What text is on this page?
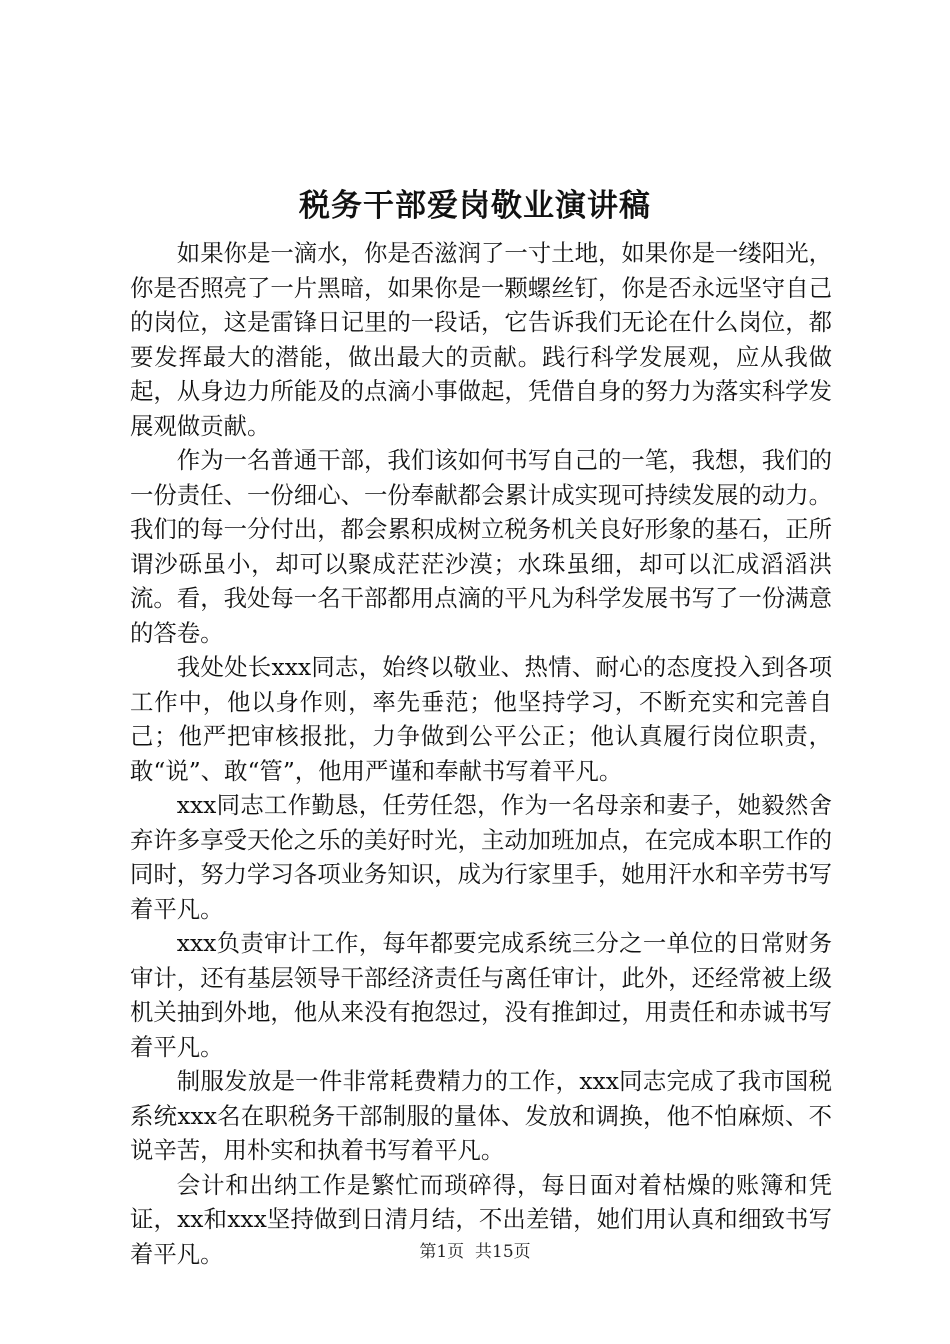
税务干部爱岗敬业演讲稿

如果你是一滴水，你是否滋润了一寸土地，如果你是一缕阳光，你是否照亮了一片黑暗，如果你是一颗螺丝钉，你是否永远坚守自己的岗位，这是雷锋日记里的一段话，它告诉我们无论在什么岗位，都要发挥最大的潜能，做出最大的贡献。践行科学发展观，应从我做起，从身边力所能及的点滴小事做起，凭借自身的努力为落实科学发展观做贡献。

作为一名普通干部，我们该如何书写自己的一笔，我想，我们的一份责任、一份细心、一份奉献都会累计成实现可持续发展的动力。我们的每一分付出，都会累积成树立税务机关良好形象的基石，正所谓沙砾虽小，却可以聚成茫茫沙漠；水珠虽细，却可以汇成滔滔洪流。看，我处每一名干部都用点滴的平凡为科学发展书写了一份满意的答卷。

我处处长xxx同志，始终以敬业、热情、耐心的态度投入到各项工作中，他以身作则，率先垂范；他坚持学习，不断充实和完善自己；他严把审核报批，力争做到公平公正；他认真履行岗位职责，敢“说”、敢“管”，他用严谨和奉献书写着平凡。

xxx同志工作勤恳，任劳任怨，作为一名母亲和妻子，她毅然舍弃许多享受天伦之乐的美好时光，主动加班加点，在完成本职工作的同时，努力学习各项业务知识，成为行家里手，她用汗水和辛劳书写着平凡。

xxx负责审计工作，每年都要完成系统三分之一单位的日常财务审计，还有基层领导干部经济责任与离任审计，此外，还经常被上级机关抽到外地，他从来没有抱怨过，没有推卸过，用责任和赤诚书写着平凡。

制服发放是一件非常耗费精力的工作，xxx同志完成了我市国税系统xxx名在职税务干部制服的量体、发放和调换，他不怕麻烦、不说辛苦，用朴实和执着书写着平凡。

会计和出纳工作是繁忙而琐碎得，每日面对着枯燥的账簿和凭证，xx和xxx坚持做到日清月结，不出差错，她们用认真和细致书写着平凡。	第1页 共15页
